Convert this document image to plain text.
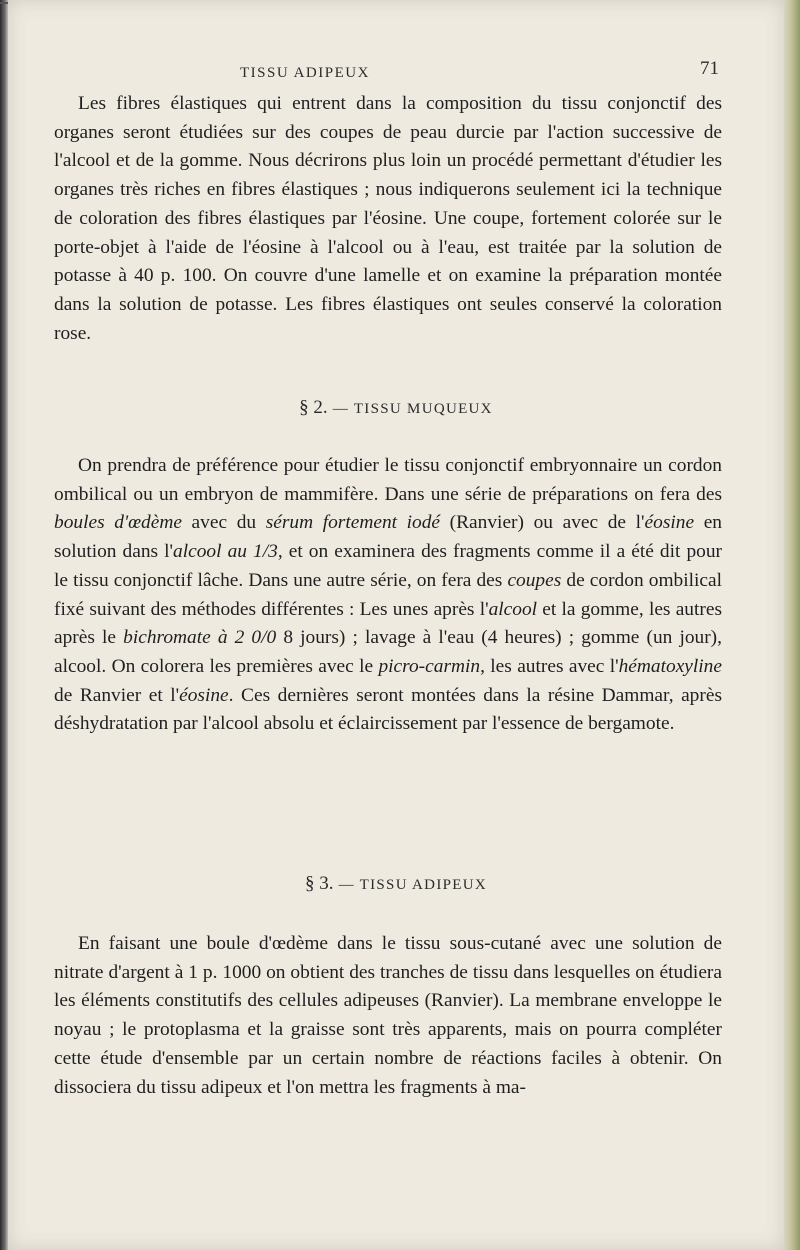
TISSU ADIPEUX	71

Les fibres élastiques qui entrent dans la composition du tissu conjonctif des organes seront étudiées sur des coupes de peau durcie par l'action successive de l'alcool et de la gomme. Nous décrirons plus loin un procédé permettant d'étudier les organes très riches en fibres élastiques ; nous indiquerons seulement ici la technique de coloration des fibres élastiques par l'éosine. Une coupe, fortement colorée sur le porte-objet à l'aide de l'éosine à l'alcool ou à l'eau, est traitée par la solution de potasse à 40 p. 100. On couvre d'une lamelle et on examine la préparation montée dans la solution de potasse. Les fibres élastiques ont seules conservé la coloration rose.

§ 2. — TISSU MUQUEUX

On prendra de préférence pour étudier le tissu conjonctif embryonnaire un cordon ombilical ou un embryon de mammifère. Dans une série de préparations on fera des boules d'œdème avec du sérum fortement iodé (Ranvier) ou avec de l'éosine en solution dans l'alcool au 1/3, et on examinera des fragments comme il a été dit pour le tissu conjonctif lâche. Dans une autre série, on fera des coupes de cordon ombilical fixé suivant des méthodes différentes : Les unes après l'alcool et la gomme, les autres après le bichromate à 2 0/0 8 jours) ; lavage à l'eau (4 heures) ; gomme (un jour), alcool. On colorera les premières avec le picro-carmin, les autres avec l'hématoxyline de Ranvier et l'éosine. Ces dernières seront montées dans la résine Dammar, après déshydratation par l'alcool absolu et éclaircissement par l'essence de bergamote.

§ 3. — TISSU ADIPEUX

En faisant une boule d'œdème dans le tissu sous-cutané avec une solution de nitrate d'argent à 1 p. 1000 on obtient des tranches de tissu dans lesquelles on étudiera les éléments constitutifs des cellules adipeuses (Ranvier). La membrane enveloppe le noyau ; le protoplasma et la graisse sont très apparents, mais on pourra compléter cette étude d'ensemble par un certain nombre de réactions faciles à obtenir. On dissociera du tissu adipeux et l'on mettra les fragments à ma-
